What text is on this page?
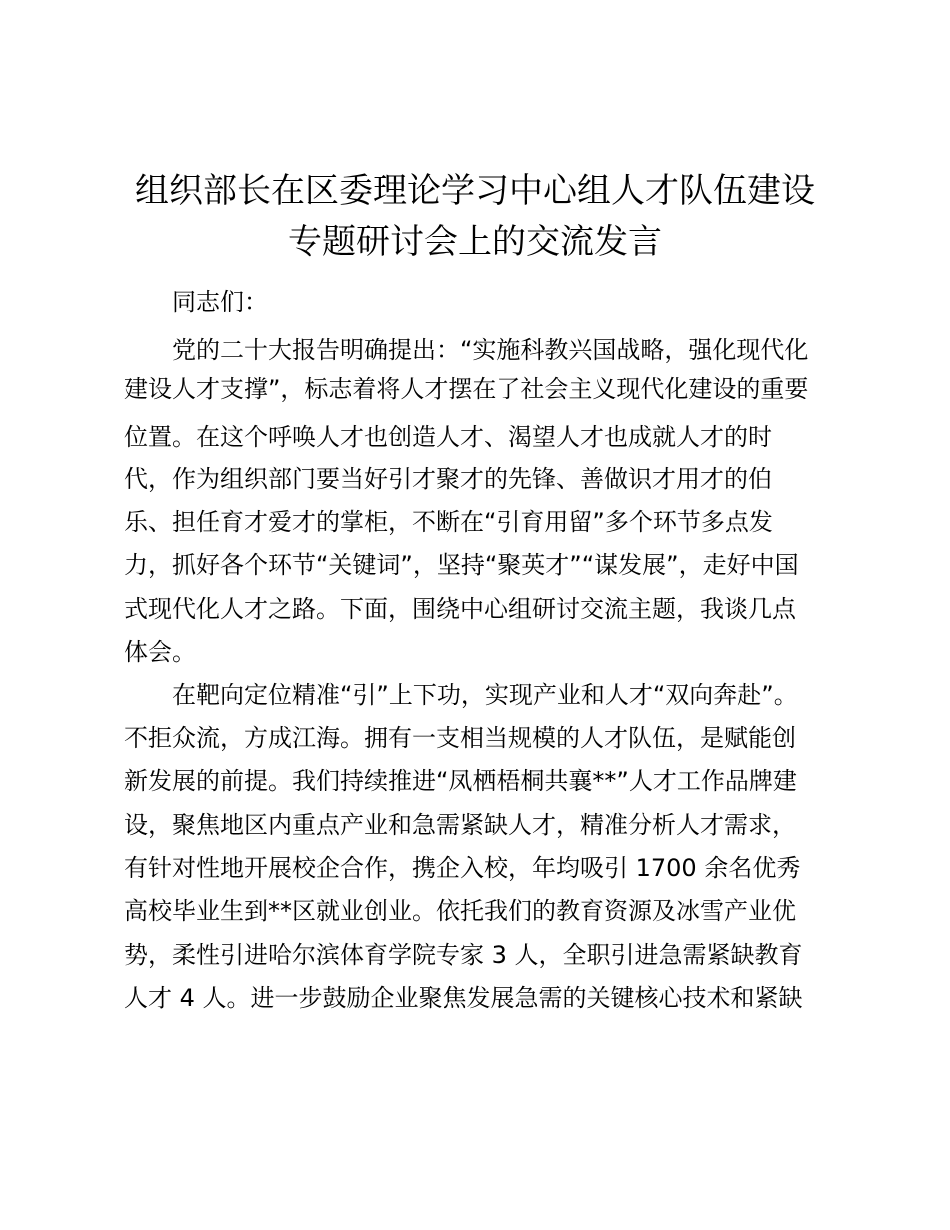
组织部长在区委理论学习中心组人才队伍建设
专题研讨会上的交流发言

同志们：

党的二十大报告明确提出：“实施科教兴国战略，强化现代化

建设人才支撑”，标志着将人才摆在了社会主义现代化建设的重要

位置。在这个呼唤人才也创造人才、渴望人才也成就人才的时

代，作为组织部门要当好引才聚才的先锋、善做识才用才的伯

乐、担任育才爱才的掌柜，不断在“引育用留”多个环节多点发

力，抓好各个环节“关键词”，坚持“聚英才”“谋发展”，走好中国

式现代化人才之路。下面，围绕中心组研讨交流主题，我谈几点

体会。

在靶向定位精准“引”上下功，实现产业和人才“双向奔赴”。

不拒众流，方成江海。拥有一支相当规模的人才队伍，是赋能创

新发展的前提。我们持续推进“凤栖梧桐共襄**”人才工作品牌建

设，聚焦地区内重点产业和急需紧缺人才，精准分析人才需求，

有针对性地开展校企合作，携企入校，年均吸引 1700 余名优秀

高校毕业生到**区就业创业。依托我们的教育资源及冰雪产业优

势，柔性引进哈尔滨体育学院专家 3 人，全职引进急需紧缺教育

人才 4 人。进一步鼓励企业聚焦发展急需的关键核心技术和紧缺
